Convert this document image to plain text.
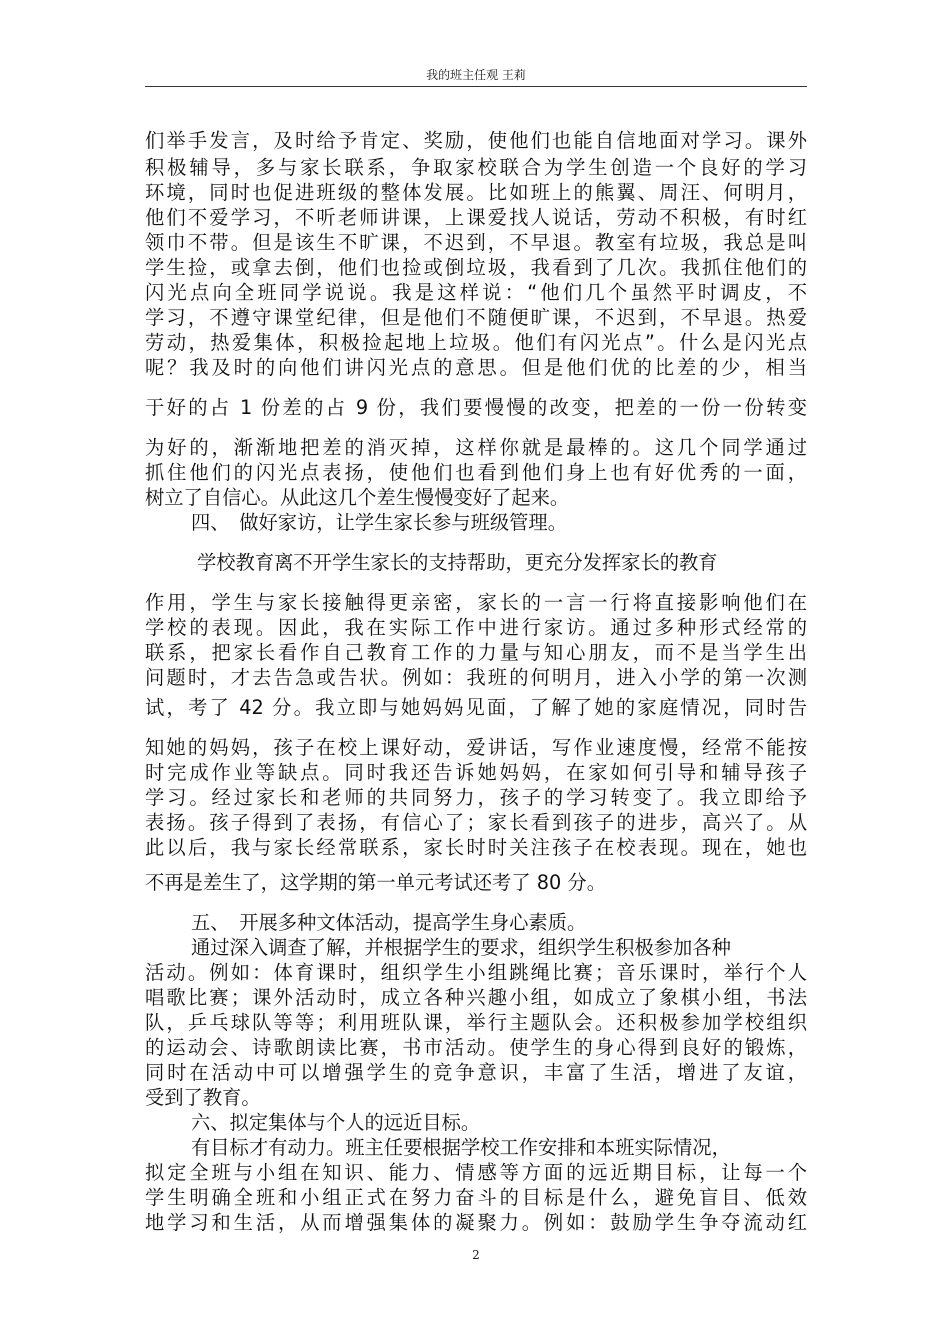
我的班主任观 王莉
们举手发言，及时给予肯定、奖励，使他们也能自信地面对学习。课外
积极辅导，多与家长联系，争取家校联合为学生创造一个良好的学习
环境，同时也促进班级的整体发展。比如班上的熊翼、周汪、何明月，
他们不爱学习，不听老师讲课，上课爱找人说话，劳动不积极，有时红
领巾不带。但是该生不旷课，不迟到，不早退。教室有垃圾，我总是叫
学生捡，或拿去倒，他们也捡或倒垃圾，我看到了几次。我抓住他们的
闪光点向全班同学说说。我是这样说：“他们几个虽然平时调皮，不
学习，不遵守课堂纪律，但是他们不随便旷课，不迟到，不早退。热爱
劳动，热爱集体，积极捡起地上垃圾。他们有闪光点”。什么是闪光点
呢？我及时的向他们讲闪光点的意思。但是他们优的比差的少，相当
于好的占 1 份差的占 9 份，我们要慢慢的改变，把差的一份一份转变
为好的，渐渐地把差的消灭掉，这样你就是最棒的。这几个同学通过
抓住他们的闪光点表扬，使他们也看到他们身上也有好优秀的一面，
树立了自信心。从此这几个差生慢慢变好了起来。
四、　做好家访，让学生家长参与班级管理。
学校教育离不开学生家长的支持帮助，更充分发挥家长的教育
作用，学生与家长接触得更亲密，家长的一言一行将直接影响他们在
学校的表现。因此，我在实际工作中进行家访。通过多种形式经常的
联系，把家长看作自己教育工作的力量与知心朋友，而不是当学生出
问题时，才去告急或告状。例如：我班的何明月，进入小学的第一次测
试，考了 42 分。我立即与她妈妈见面，了解了她的家庭情况，同时告
知她的妈妈，孩子在校上课好动，爱讲话，写作业速度慢，经常不能按
时完成作业等缺点。同时我还告诉她妈妈，在家如何引导和辅导孩子
学习。经过家长和老师的共同努力，孩子的学习转变了。我立即给予
表扬。孩子得到了表扬，有信心了；家长看到孩子的进步，高兴了。从
此以后，我与家长经常联系，家长时时关注孩子在校表现。现在，她也
不再是差生了，这学期的第一单元考试还考了 80 分。
五、　开展多种文体活动，提高学生身心素质。
通过深入调查了解，并根据学生的要求，组织学生积极参加各种
活动。例如：体育课时，组织学生小组跳绳比赛；音乐课时，举行个人
唱歌比赛；课外活动时，成立各种兴趣小组，如成立了象棋小组，书法
队，乒乓球队等等；利用班队课，举行主题队会。还积极参加学校组织
的运动会、诗歌朗读比赛，书市活动。使学生的身心得到良好的锻炼，
同时在活动中可以增强学生的竞争意识，丰富了生活，增进了友谊，
受到了教育。
六、拟定集体与个人的远近目标。
有目标才有动力。班主任要根据学校工作安排和本班实际情况，
拟定全班与小组在知识、能力、情感等方面的远近期目标，让每一个
学生明确全班和小组正式在努力奋斗的目标是什么，避免盲目、低效
地学习和生活，从而增强集体的凝聚力。例如：鼓励学生争夺流动红
2
